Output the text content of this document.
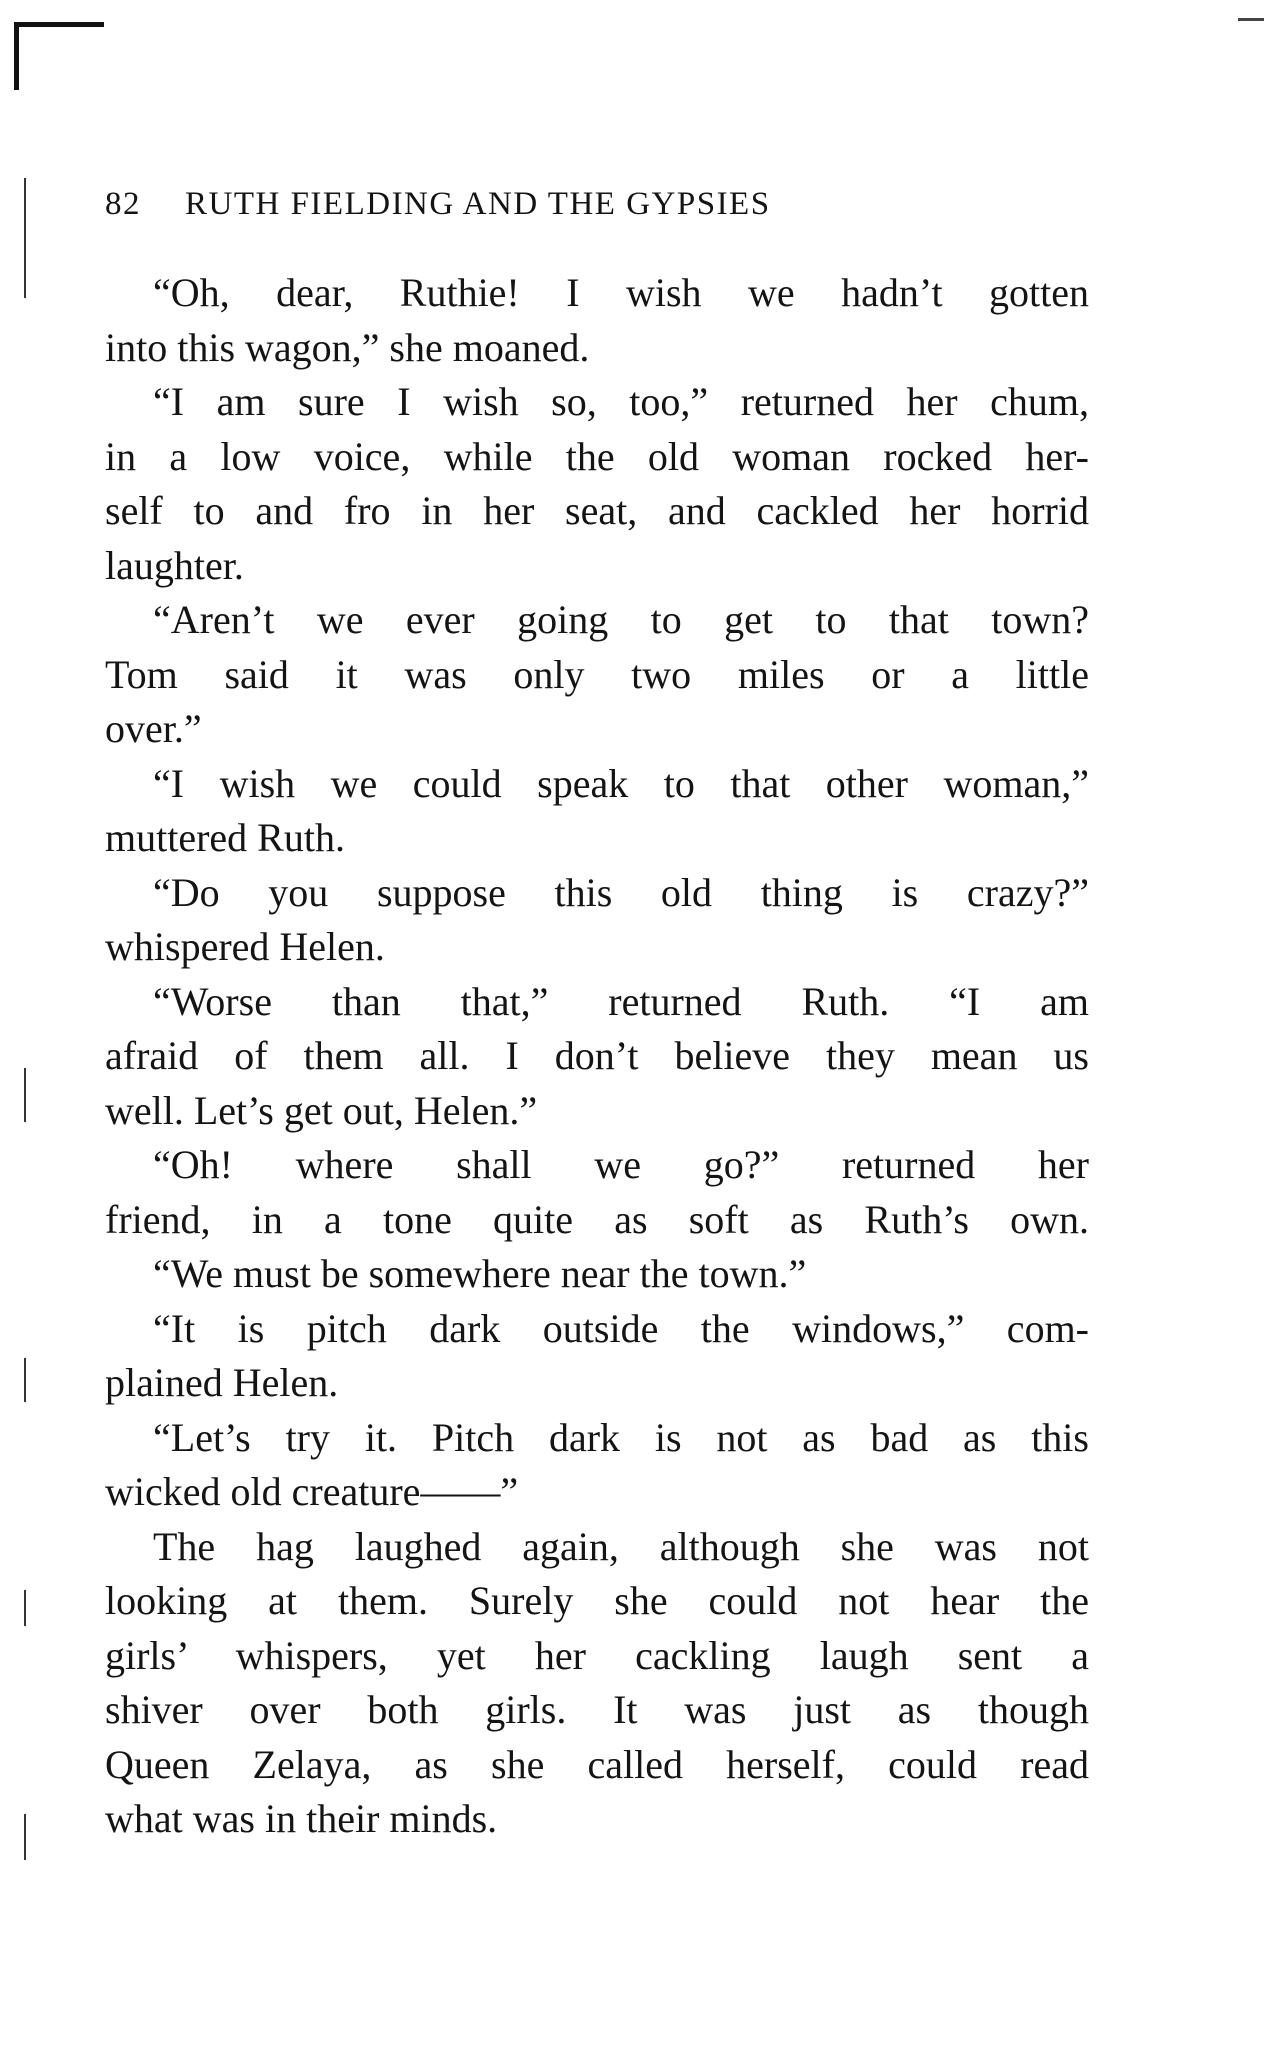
82 RUTH FIELDING AND THE GYPSIES
“Oh, dear, Ruthie! I wish we hadn’t gotten
into this wagon,” she moaned.
“I am sure I wish so, too,” returned her chum,
in a low voice, while the old woman rocked her-
self to and fro in her seat, and cackled her horrid
laughter.
“Aren’t we ever going to get to that town?
Tom said it was only two miles or a little
over.”
“I wish we could speak to that other woman,”
muttered Ruth.
“Do you suppose this old thing is crazy?”
whispered Helen.
“Worse than that,” returned Ruth. “I am
afraid of them all. I don’t believe they mean us
well. Let’s get out, Helen.”
“Oh! where shall we go?” returned her
friend, in a tone quite as soft as Ruth’s own.
“We must be somewhere near the town.”
“It is pitch dark outside the windows,” com-
plained Helen.
“Let’s try it. Pitch dark is not as bad as this
wicked old creature——”
The hag laughed again, although she was not
looking at them. Surely she could not hear the
girls’ whispers, yet her cackling laugh sent a
shiver over both girls. It was just as though
Queen Zelaya, as she called herself, could read
what was in their minds.
